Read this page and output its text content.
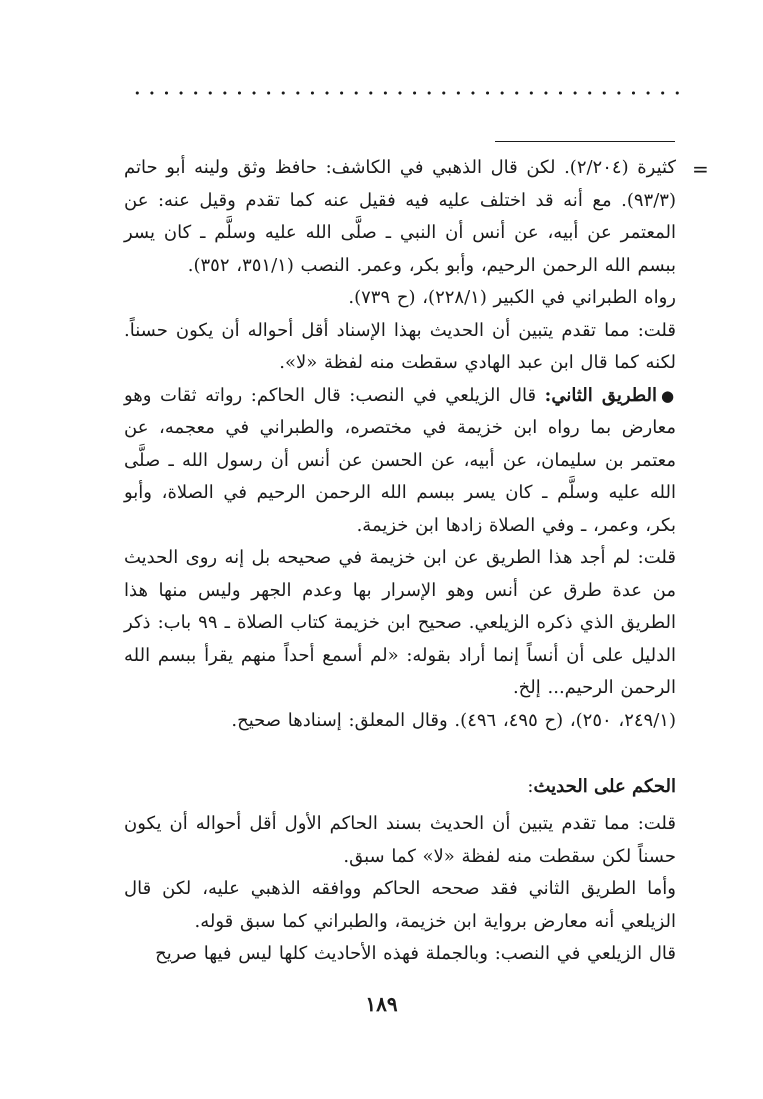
=

كثيرة (٢/٢٠٤). لكن قال الذهبي في الكاشف: حافظ وثق ولينه أبو حاتم (٩٣/٣). مع أنه قد اختلف عليه فيه فقيل عنه كما تقدم وقيل عنه: عن المعتمر عن أبيه، عن أنس أن النبي ـ صلَّى الله عليه وسلَّم ـ كان يسر ببسم الله الرحمن الرحيم، وأبو بكر، وعمر. النصب (٣٥١/١، ٣٥٢).

رواه الطبراني في الكبير (٢٢٨/١)، (ح ٧٣٩).

قلت: مما تقدم يتبين أن الحديث بهذا الإسناد أقل أحواله أن يكون حسناً. لكنه كما قال ابن عبد الهادي سقطت منه لفظة «لا».

●الطريق الثاني: قال الزيلعي في النصب: قال الحاكم: رواته ثقات وهو معارض بما رواه ابن خزيمة في مختصره، والطبراني في معجمه، عن معتمر بن سليمان، عن أبيه، عن الحسن عن أنس أن رسول الله ـ صلَّى الله عليه وسلَّم ـ كان يسر ببسم الله الرحمن الرحيم في الصلاة، وأبو بكر، وعمر، ـ وفي الصلاة زادها ابن خزيمة.

قلت: لم أجد هذا الطريق عن ابن خزيمة في صحيحه بل إنه روى الحديث من عدة طرق عن أنس وهو الإسرار بها وعدم الجهر وليس منها هذا الطريق الذي ذكره الزيلعي. صحيح ابن خزيمة كتاب الصلاة ـ ٩٩ باب: ذكر الدليل على أن أنساً إنما أراد بقوله: «لم أسمع أحداً منهم يقرأ ببسم الله الرحمن الرحيم... إلخ.

(٢٤٩/١، ٢٥٠)، (ح ٤٩٥، ٤٩٦). وقال المعلق: إسنادها صحيح.

الحكم على الحديث :

قلت: مما تقدم يتبين أن الحديث بسند الحاكم الأول أقل أحواله أن يكون حسناً لكن سقطت منه لفظة «لا» كما سبق.

وأما الطريق الثاني فقد صححه الحاكم ووافقه الذهبي عليه، لكن قال الزيلعي أنه معارض برواية ابن خزيمة، والطبراني كما سبق قوله.

قال الزيلعي في النصب: وبالجملة فهذه الأحاديث كلها ليس فيها صريح

١٨٩
